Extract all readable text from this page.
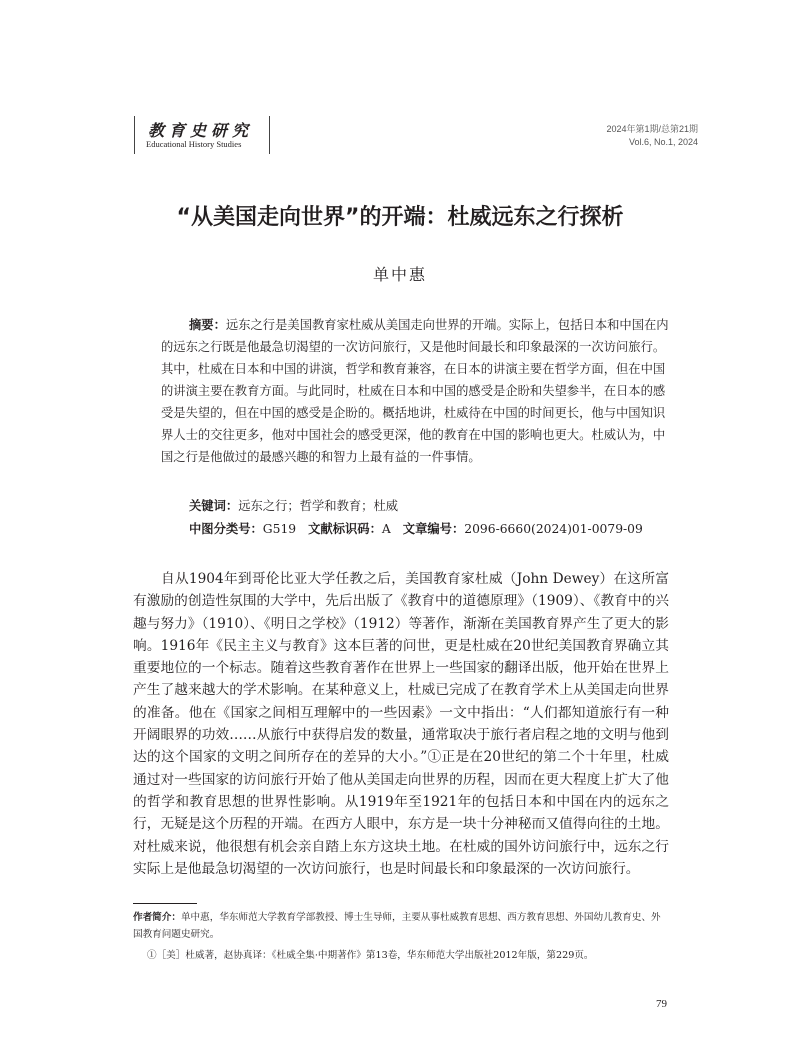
教育史研究
Educational History Studies
2024年第1期/总第21期
Vol.6, No.1, 2024
“从美国走向世界”的开端：杜威远东之行探析
单中惠

摘要：远东之行是美国教育家杜威从美国走向世界的开端。实际上，包括日本和中国在内的远东之行既是他最急切渴望的一次访问旅行，又是他时间最长和印象最深的一次访问旅行。其中，杜威在日本和中国的讲演，哲学和教育兼容，在日本的讲演主要在哲学方面，但在中国的讲演主要在教育方面。与此同时，杜威在日本和中国的感受是企盼和失望参半，在日本的感受是失望的，但在中国的感受是企盼的。概括地讲，杜威待在中国的时间更长，他与中国知识界人士的交往更多，他对中国社会的感受更深，他的教育在中国的影响也更大。杜威认为，中国之行是他做过的最感兴趣的和智力上最有益的一件事情。

关键词：远东之行；哲学和教育；杜威
中图分类号：G519 文献标识码：A 文章编号：2096-6660(2024)01-0079-09

自从1904年到哥伦比亚大学任教之后，美国教育家杜威（John Dewey）在这所富有激励的创造性氛围的大学中，先后出版了《教育中的道德原理》（1909）、《教育中的兴趣与努力》（1910）、《明日之学校》（1912）等著作，渐渐在美国教育界产生了更大的影响。1916年《民主主义与教育》这本巨著的问世，更是杜威在20世纪美国教育界确立其重要地位的一个标志。随着这些教育著作在世界上一些国家的翻译出版，他开始在世界上产生了越来越大的学术影响。在某种意义上，杜威已完成了在教育学术上从美国走向世界的准备。他在《国家之间相互理解中的一些因素》一文中指出：“人们都知道旅行有一种开阔眼界的功效……从旅行中获得启发的数量，通常取决于旅行者启程之地的文明与他到达的这个国家的文明之间所存在的差异的大小。”①正是在20世纪的第二个十年里，杜威通过对一些国家的访问旅行开始了他从美国走向世界的历程，因而在更大程度上扩大了他的哲学和教育思想的世界性影响。从1919年至1921年的包括日本和中国在内的远东之行，无疑是这个历程的开端。在西方人眼中，东方是一块十分神秘而又值得向往的土地。对杜威来说，他很想有机会亲自踏上东方这块土地。在杜威的国外访问旅行中，远东之行实际上是他最急切渴望的一次访问旅行，也是时间最长和印象最深的一次访问旅行。

作者简介：单中惠，华东师范大学教育学部教授、博士生导师，主要从事杜威教育思想、西方教育思想、外国幼儿教育史、外国教育问题史研究。
①［美］杜威著，赵协真译：《杜威全集·中期著作》第13卷，华东师范大学出版社2012年版，第229页。
79
